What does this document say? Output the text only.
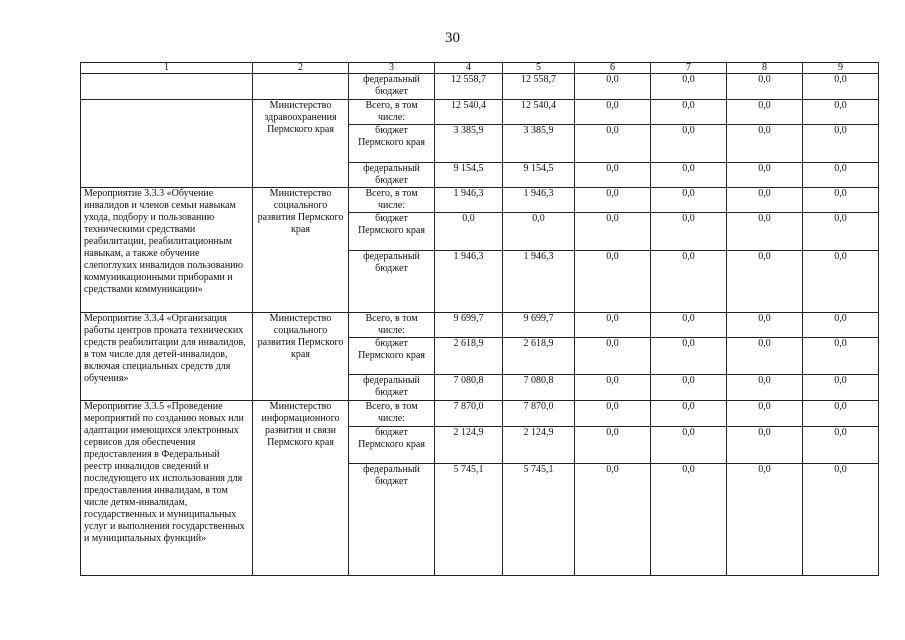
30
1	2	3	4	5	6	7	8	9
		федеральный бюджет	12 558,7	12 558,7	0,0	0,0	0,0	0,0
	Министерство здравоохранения Пермского края	Всего, в том числе:	12 540,4	12 540,4	0,0	0,0	0,0	0,0
		бюджет Пермского края	3 385,9	3 385,9	0,0	0,0	0,0	0,0
		федеральный бюджет	9 154,5	9 154,5	0,0	0,0	0,0	0,0
Мероприятие 3.3.3 «Обучение инвалидов и членов семьи навыкам ухода, подбору и пользованию техническими средствами реабилитации, реабилитационным навыкам, а также обучение слепоглухих инвалидов пользованию коммуникационными приборами и средствами коммуникации»	Министерство социального развития Пермского края	Всего, в том числе:	1 946,3	1 946,3	0,0	0,0	0,0	0,0
		бюджет Пермского края	0,0	0,0	0,0	0,0	0,0	0,0
		федеральный бюджет	1 946,3	1 946,3	0,0	0,0	0,0	0,0
Мероприятие 3.3.4 «Организация работы центров проката технических средств реабилитации для инвалидов, в том числе для детей-инвалидов, включая специальных средств для обучения»	Министерство социального развития Пермского края	Всего, в том числе:	9 699,7	9 699,7	0,0	0,0	0,0	0,0
		бюджет Пермского края	2 618,9	2 618,9	0,0	0,0	0,0	0,0
		федеральный бюджет	7 080,8	7 080,8	0,0	0,0	0,0	0,0
Мероприятие 3.3.5 «Проведение мероприятий по созданию новых или адаптации имеющихся электронных сервисов для обеспечения предоставления в Федеральный реестр инвалидов сведений и последующего их использования для предоставления инвалидам, в том числе детям-инвалидам, государственных и муниципальных услуг и выполнения государственных и муниципальных функций»	Министерство информационного развития и связи Пермского края	Всего, в том числе:	7 870,0	7 870,0	0,0	0,0	0,0	0,0
		бюджет Пермского края	2 124,9	2 124,9	0,0	0,0	0,0	0,0
		федеральный бюджет	5 745,1	5 745,1	0,0	0,0	0,0	0,0
